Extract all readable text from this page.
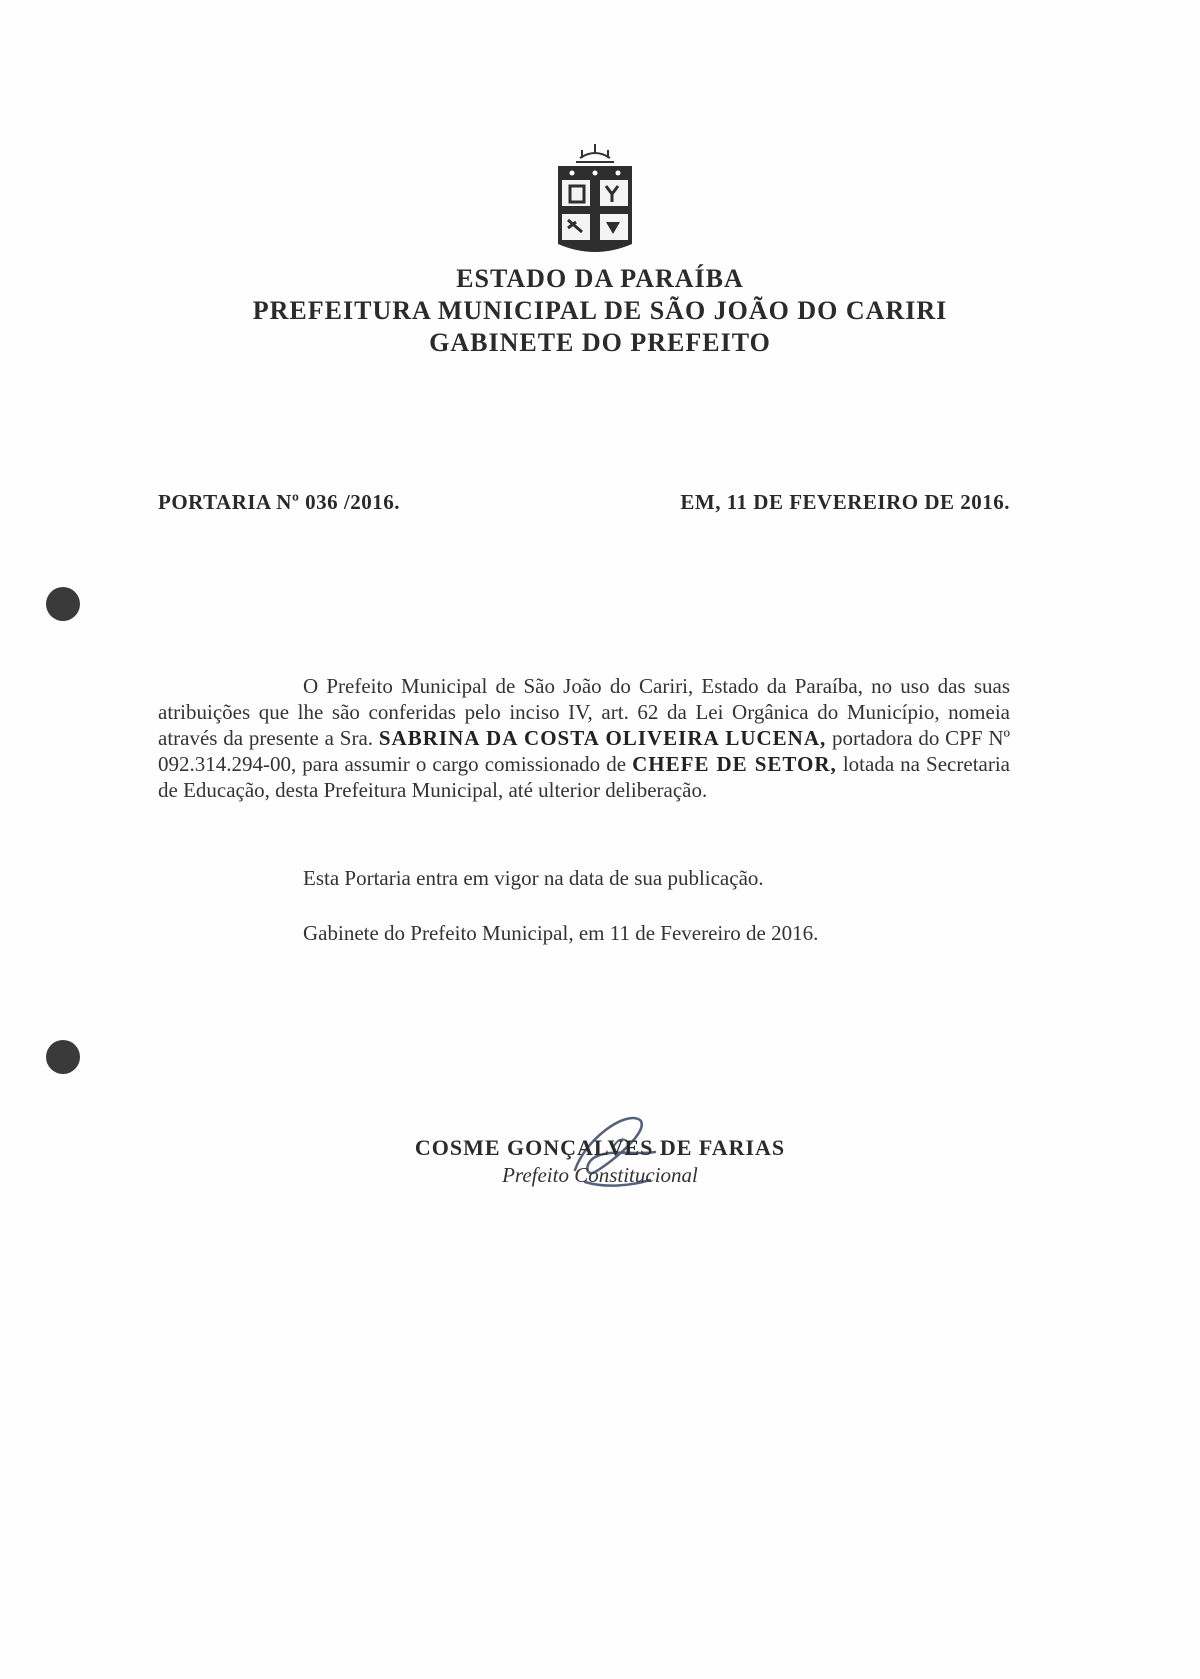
ESTADO DA PARAÍBA
PREFEITURA MUNICIPAL DE SÃO JOÃO DO CARIRI
GABINETE DO PREFEITO
PORTARIA Nº 036 /2016.	EM, 11 DE FEVEREIRO DE 2016.
O Prefeito Municipal de São João do Cariri, Estado da Paraíba, no uso das suas atribuições que lhe são conferidas pelo inciso IV, art. 62 da Lei Orgânica do Município, nomeia através da presente a Sra. SABRINA DA COSTA OLIVEIRA LUCENA, portadora do CPF Nº 092.314.294-00, para assumir o cargo comissionado de CHEFE DE SETOR, lotada na Secretaria de Educação, desta Prefeitura Municipal, até ulterior deliberação.
Esta Portaria entra em vigor na data de sua publicação.
Gabinete do Prefeito Municipal, em 11 de Fevereiro de 2016.
COSME GONÇALVES DE FARIAS
Prefeito Constitucional
